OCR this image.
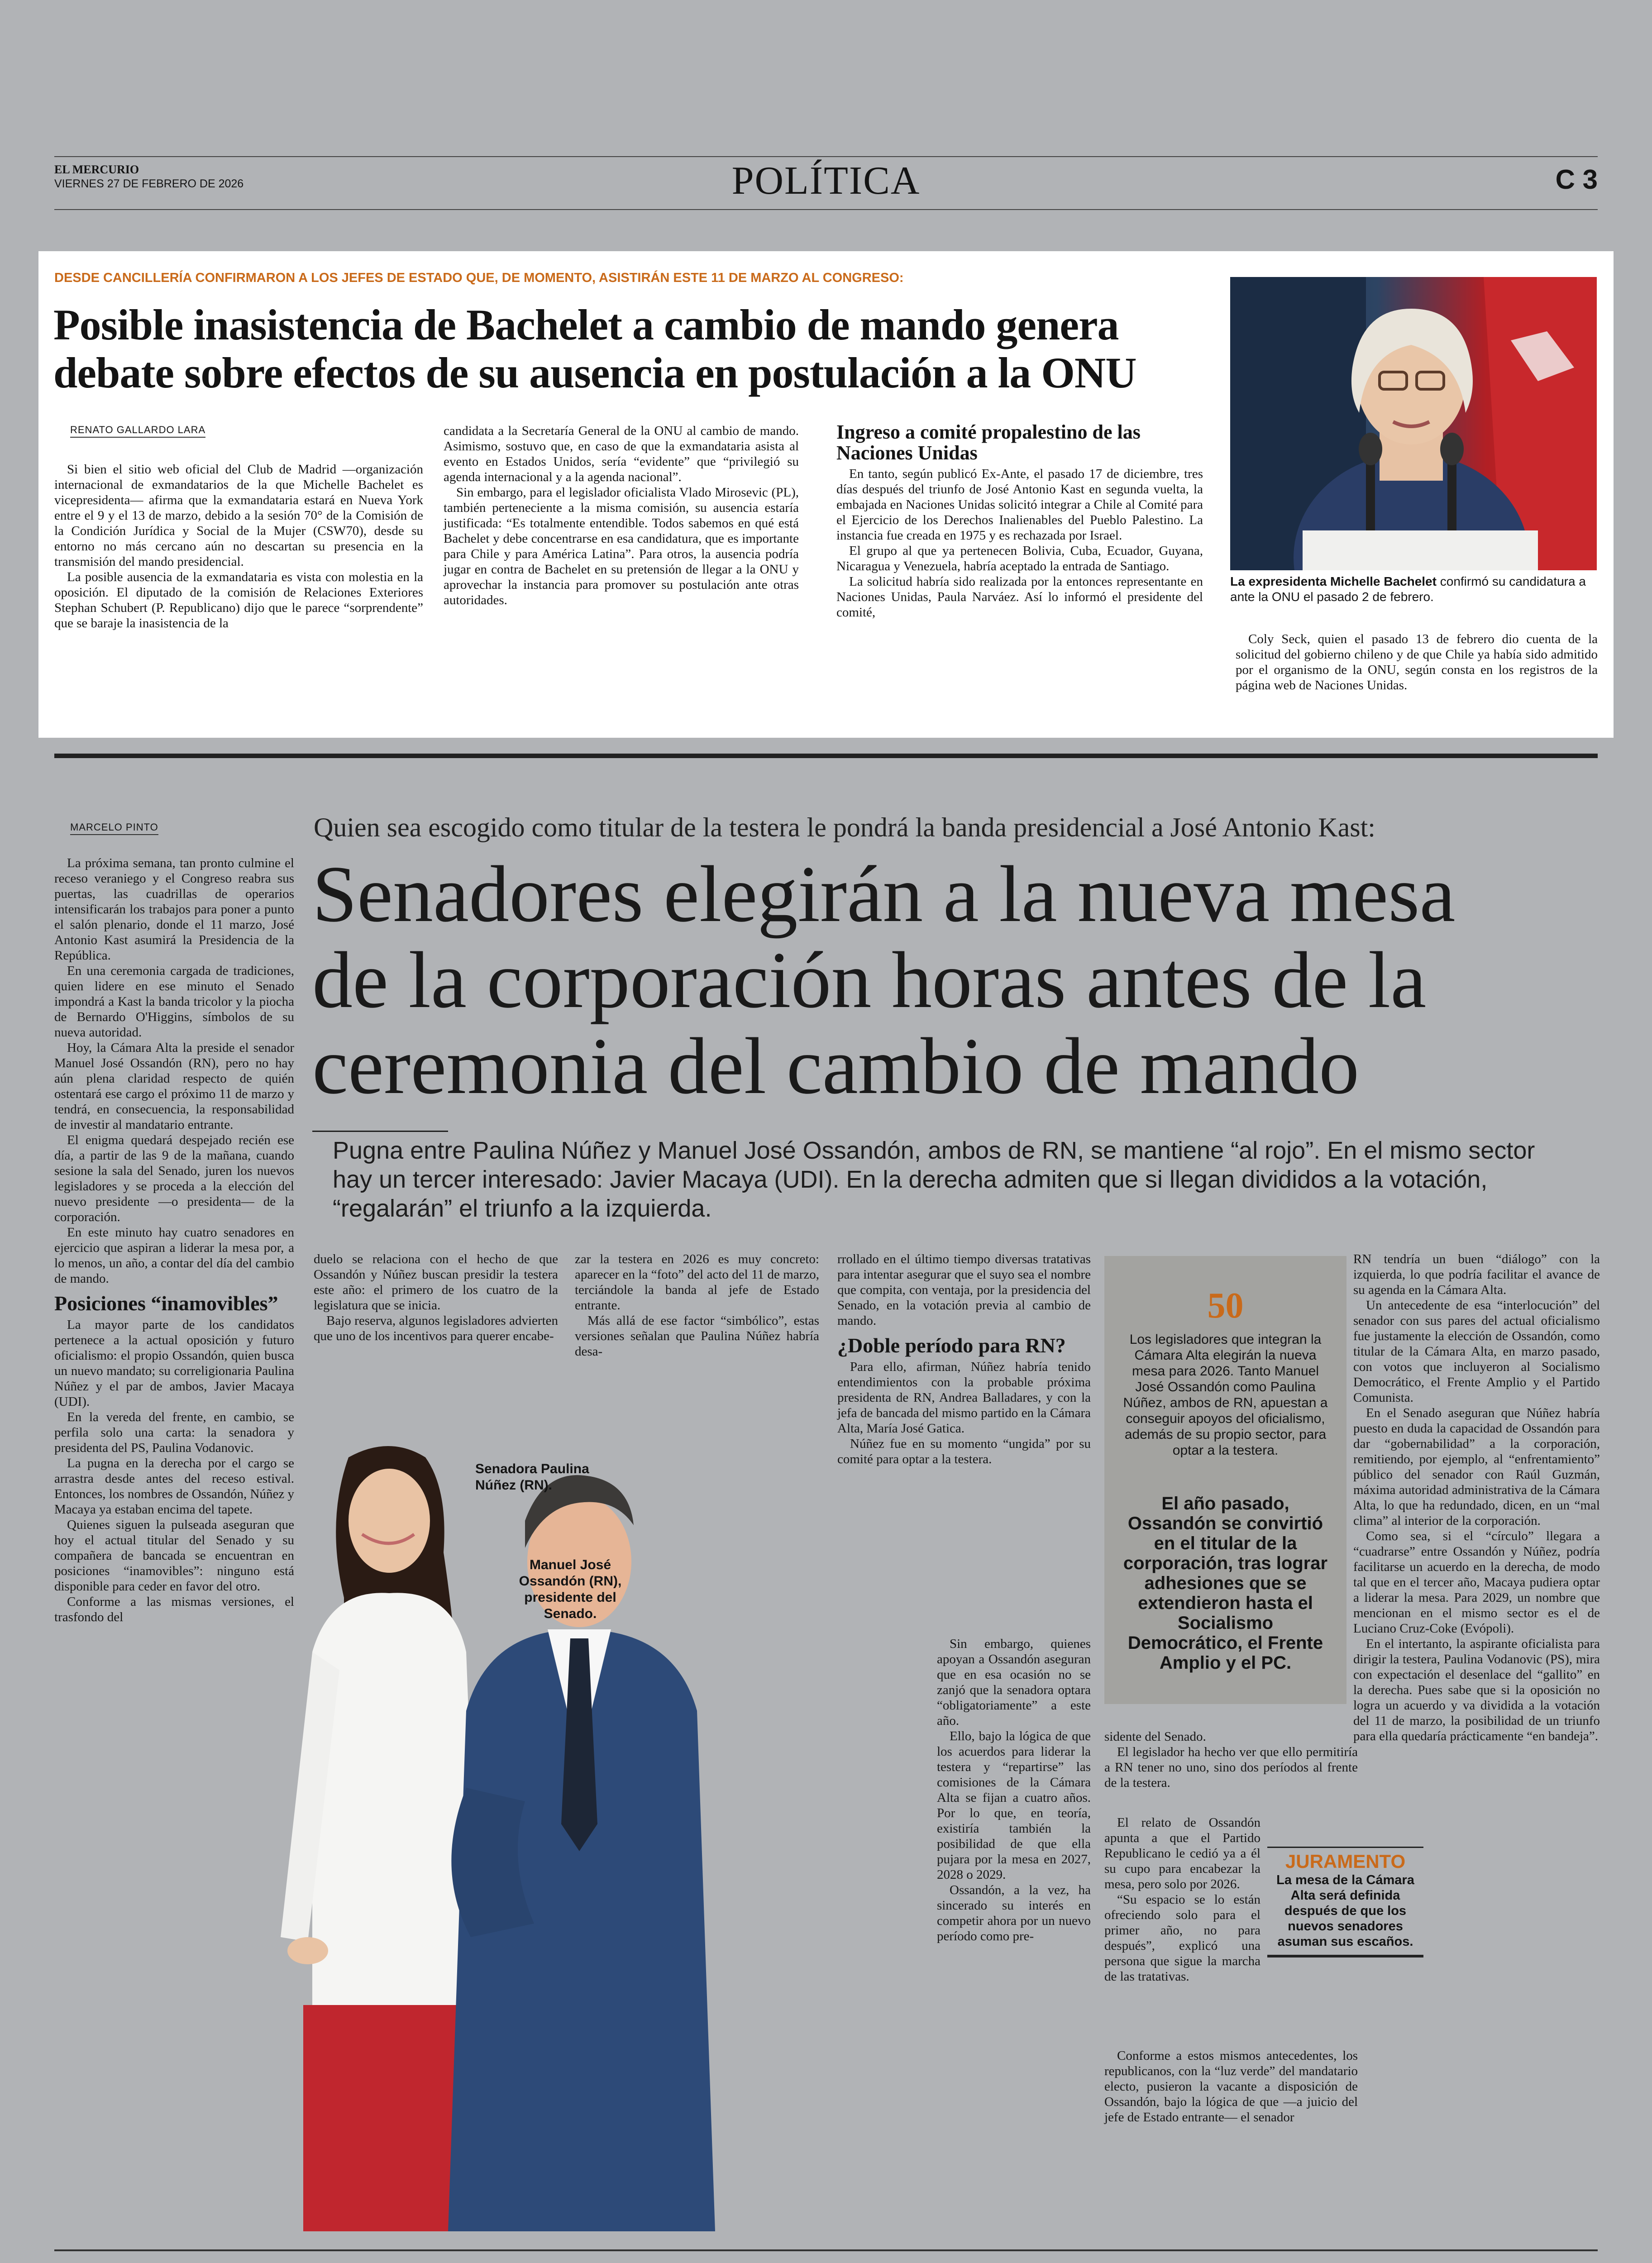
EL MERCURIO
VIERNES 27 DE FEBRERO DE 2026	POLÍTICA	C 3
DESDE CANCILLERÍA CONFIRMARON A LOS JEFES DE ESTADO QUE, DE MOMENTO, ASISTIRÁN ESTE 11 DE MARZO AL CONGRESO:
Posible inasistencia de Bachelet a cambio de mando genera
debate sobre efectos de su ausencia en postulación a la ONU
RENATO GALLARDO LARA

Si bien el sitio web oficial del Club de Madrid —organización internacional de exmandatarios de la que Michelle Bachelet es vicepresidenta— afirma que la exmandataria estará en Nueva York entre el 9 y el 13 de marzo, debido a la sesión 70° de la Comisión de la Condición Jurídica y Social de la Mujer (CSW70), desde su entorno no más cercano aún no descartan su presencia en la transmisión del mando presidencial.

La posible ausencia de la exmandataria es vista con molestia en la oposición. El diputado de la comisión de Relaciones Exteriores Stephan Schubert (P. Republicano) dijo que le parece “sorprendente” que se baraje la inasistencia de la

candidata a la Secretaría General de la ONU al cambio de mando. Asimismo, sostuvo que, en caso de que la exmandataria asista al evento en Estados Unidos, sería “evidente” que “privilegió su agenda internacional y a la agenda nacional”.

Sin embargo, para el legislador oficialista Vlado Mirosevic (PL), también perteneciente a la misma comisión, su ausencia estaría justificada: “Es totalmente entendible. Todos sabemos en qué está Bachelet y debe concentrarse en esa candidatura, que es importante para Chile y para América Latina”. Para otros, la ausencia podría jugar en contra de Bachelet en su pretensión de llegar a la ONU y aprovechar la instancia para promover su postulación ante otras autoridades.

Ingreso a comité propalestino de las Naciones Unidas

En tanto, según publicó Ex-Ante, el pasado 17 de diciembre, tres días después del triunfo de José Antonio Kast en segunda vuelta, la embajada en Naciones Unidas solicitó integrar a Chile al Comité para el Ejercicio de los Derechos Inalienables del Pueblo Palestino. La instancia fue creada en 1975 y es rechazada por Israel.

El grupo al que ya pertenecen Bolivia, Cuba, Ecuador, Guyana, Nicaragua y Venezuela, habría aceptado la entrada de Santiago.

La solicitud habría sido realizada por la entonces representante en Naciones Unidas, Paula Narváez. Así lo informó el presidente del comité,

La expresidenta Michelle Bachelet confirmó su candidatura a ante la ONU el pasado 2 de febrero.

Coly Seck, quien el pasado 13 de febrero dio cuenta de la solicitud del gobierno chileno y de que Chile ya había sido admitido por el organismo de la ONU, según consta en los registros de la página web de Naciones Unidas.

MARCELO PINTO	Quien sea escogido como titular de la testera le pondrá la banda presidencial a José Antonio Kast:
Senadores elegirán a la nueva mesa
de la corporación horas antes de la
ceremonia del cambio de mando
Pugna entre Paulina Núñez y Manuel José Ossandón, ambos de RN, se mantiene “al rojo”. En el mismo sector hay un tercer interesado: Javier Macaya (UDI). En la derecha admiten que si llegan divididos a la votación, “regalarán” el triunfo a la izquierda.

La próxima semana, tan pronto culmine el receso veraniego y el Congreso reabra sus puertas, las cuadrillas de operarios intensificarán los trabajos para poner a punto el salón plenario, donde el 11 marzo, José Antonio Kast asumirá la Presidencia de la República.

En una ceremonia cargada de tradiciones, quien lidere en ese minuto el Senado impondrá a Kast la banda tricolor y la piocha de Bernardo O'Higgins, símbolos de su nueva autoridad.

Hoy, la Cámara Alta la preside el senador Manuel José Ossandón (RN), pero no hay aún plena claridad respecto de quién ostentará ese cargo el próximo 11 de marzo y tendrá, en consecuencia, la responsabilidad de investir al mandatario entrante.

El enigma quedará despejado recién ese día, a partir de las 9 de la mañana, cuando sesione la sala del Senado, juren los nuevos legisladores y se proceda a la elección del nuevo presidente —o presidenta— de la corporación.

En este minuto hay cuatro senadores en ejercicio que aspiran a liderar la mesa por, a lo menos, un año, a contar del día del cambio de mando.

Posiciones “inamovibles”

La mayor parte de los candidatos pertenece a la actual oposición y futuro oficialismo: el propio Ossandón, quien busca un nuevo mandato; su correligionaria Paulina Núñez y el par de ambos, Javier Macaya (UDI).

En la vereda del frente, en cambio, se perfila solo una carta: la senadora y presidenta del PS, Paulina Vodanovic.

La pugna en la derecha por el cargo se arrastra desde antes del receso estival. Entonces, los nombres de Ossandón, Núñez y Macaya ya estaban encima del tapete.

Quienes siguen la pulseada aseguran que hoy el actual titular del Senado y su compañera de bancada se encuentran en posiciones “inamovibles”: ninguno está disponible para ceder en favor del otro.

Conforme a las mismas versiones, el trasfondo del

duelo se relaciona con el hecho de que Ossandón y Núñez buscan presidir la testera este año: el primero de los cuatro de la legislatura que se inicia.

Bajo reserva, algunos legisladores advierten que uno de los incentivos para querer encabe-

zar la testera en 2026 es muy concreto: aparecer en la “foto” del acto del 11 de marzo, terciándole la banda al jefe de Estado entrante.

Más allá de ese factor “simbólico”, estas versiones señalan que Paulina Núñez habría desa-

Senadora Paulina Núñez (RN).
Manuel José Ossandón (RN), presidente del Senado.

rrollado en el último tiempo diversas tratativas para intentar asegurar que el suyo sea el nombre que compita, con ventaja, por la presidencia del Senado, en la votación previa al cambio de mando.

¿Doble período para RN?

Para ello, afirman, Núñez habría tenido entendimientos con la probable próxima presidenta de RN, Andrea Balladares, y con la jefa de bancada del mismo partido en la Cámara Alta, María José Gatica.

Núñez fue en su momento “ungida” por su comité para optar a la testera.

Sin embargo, quienes apoyan a Ossandón aseguran que en esa ocasión no se zanjó que la senadora optara “obligatoriamente” a este año.

Ello, bajo la lógica de que los acuerdos para liderar la testera y “repartirse” las comisiones de la Cámara Alta se fijan a cuatro años. Por lo que, en teoría, existiría también la posibilidad de que ella pujara por la mesa en 2027, 2028 o 2029.

Ossandón, a la vez, ha sincerado su interés en competir ahora por un nuevo período como pre-

50
Los legisladores que integran la Cámara Alta elegirán la nueva mesa para 2026. Tanto Manuel José Ossandón como Paulina Núñez, ambos de RN, apuestan a conseguir apoyos del oficialismo, además de su propio sector, para optar a la testera.
El año pasado, Ossandón se convirtió en el titular de la corporación, tras lograr adhesiones que se extendieron hasta el Socialismo Democrático, el Frente Amplio y el PC.

sidente del Senado.

El legislador ha hecho ver que ello permitiría a RN tener no uno, sino dos períodos al frente de la testera.

El relato de Ossandón apunta a que el Partido Republicano le cedió ya a él su cupo para encabezar la mesa, pero solo por 2026.

“Su espacio se lo están ofreciendo solo para el primer año, no para después”, explicó una persona que sigue la marcha de las tratativas.

Conforme a estos mismos antecedentes, los republicanos, con la “luz verde” del mandatario electo, pusieron la vacante a disposición de Ossandón, bajo la lógica de que —a juicio del jefe de Estado entrante— el senador

JURAMENTO
La mesa de la Cámara Alta será definida después de que los nuevos senadores asuman sus escaños.

RN tendría un buen “diálogo” con la izquierda, lo que podría facilitar el avance de su agenda en la Cámara Alta.

Un antecedente de esa “interlocución” del senador con sus pares del actual oficialismo fue justamente la elección de Ossandón, como titular de la Cámara Alta, en marzo pasado, con votos que incluyeron al Socialismo Democrático, el Frente Amplio y el Partido Comunista.

En el Senado aseguran que Núñez habría puesto en duda la capacidad de Ossandón para dar “gobernabilidad” a la corporación, remitiendo, por ejemplo, al “enfrentamiento” público del senador con Raúl Guzmán, máxima autoridad administrativa de la Cámara Alta, lo que ha redundado, dicen, en un “mal clima” al interior de la corporación.

Como sea, si el “círculo” llegara a “cuadrarse” entre Ossandón y Núñez, podría facilitarse un acuerdo en la derecha, de modo tal que en el tercer año, Macaya pudiera optar a liderar la mesa. Para 2029, un nombre que mencionan en el mismo sector es el de Luciano Cruz-Coke (Evópoli).

En el intertanto, la aspirante oficialista para dirigir la testera, Paulina Vodanovic (PS), mira con expectación el desenlace del “gallito” en la derecha. Pues sabe que si la oposición no logra un acuerdo y va dividida a la votación del 11 de marzo, la posibilidad de un triunfo para ella quedaría prácticamente “en bandeja”.
